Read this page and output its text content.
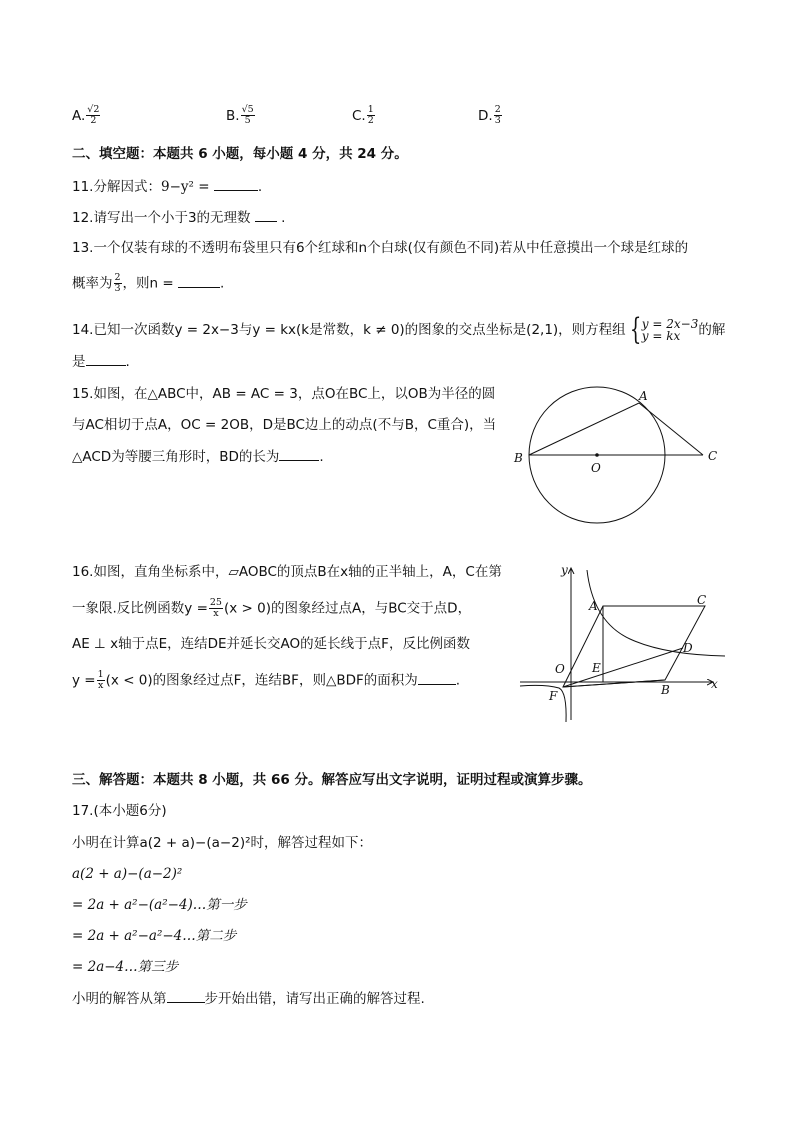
A. $\frac{√2}{2}$	B. $\frac{√5}{5}$	C. $\frac{1}{2}$	D. $\frac{2}{3}$
二、填空题：本题共 6 小题，每小题 4 分，共 24 分。
11.分解因式：9−y² =	.
12.请写出一个小于3的无理数 .
13.一个仅装有球的不透明布袋里只有6个红球和n个白球(仅有颜色不同)若从中任意摸出一个球是红球的
概率为 $\frac{2}{3}$ ，则n =	.
14.已知一次函数y = 2x−3与y = kx(k是常数，k ≠ 0)的图象的交点坐标是(2,1)，则方程组 { y = 2x−3
y = kx	的解
是	.
15.如图，在△ABC中，AB = AC = 3，点O在BC上，以OB为半径的圆
与AC相切于点A，OC = 2OB，D是BC边上的动点(不与B，C重合)，当
△ACD为等腰三角形时，BD的长为	.
A
B	C
O
16.如图，直角坐标系中，▱AOBC的顶点B在x轴的正半轴上，A，C在第
一象限.反比例函数$y = \frac{25}{x} (x > 0)$的图象经过点A，与BC交于点D，
AE ⊥ x轴于点E，连结DE并延长交AO的延长线于点F，反比例函数
$y = \frac{1}{x} (x < 0)$的图象经过点F，连结BF，则△BDF的面积为	.
y
x
A	C
O E
D
B
F
三、解答题：本题共 8 小题，共 66 分。解答应写出文字说明，证明过程或演算步骤。
17.(本小题6分)
小明在计算a(2 + a)−(a−2)²时，解答过程如下：
a(2 + a)−(a−2)²
= 2a + a²−(a²−4)…第一步
= 2a + a²−a²−4…第二步
= 2a−4…第三步
小明的解答从第	步开始出错，请写出正确的解答过程.
